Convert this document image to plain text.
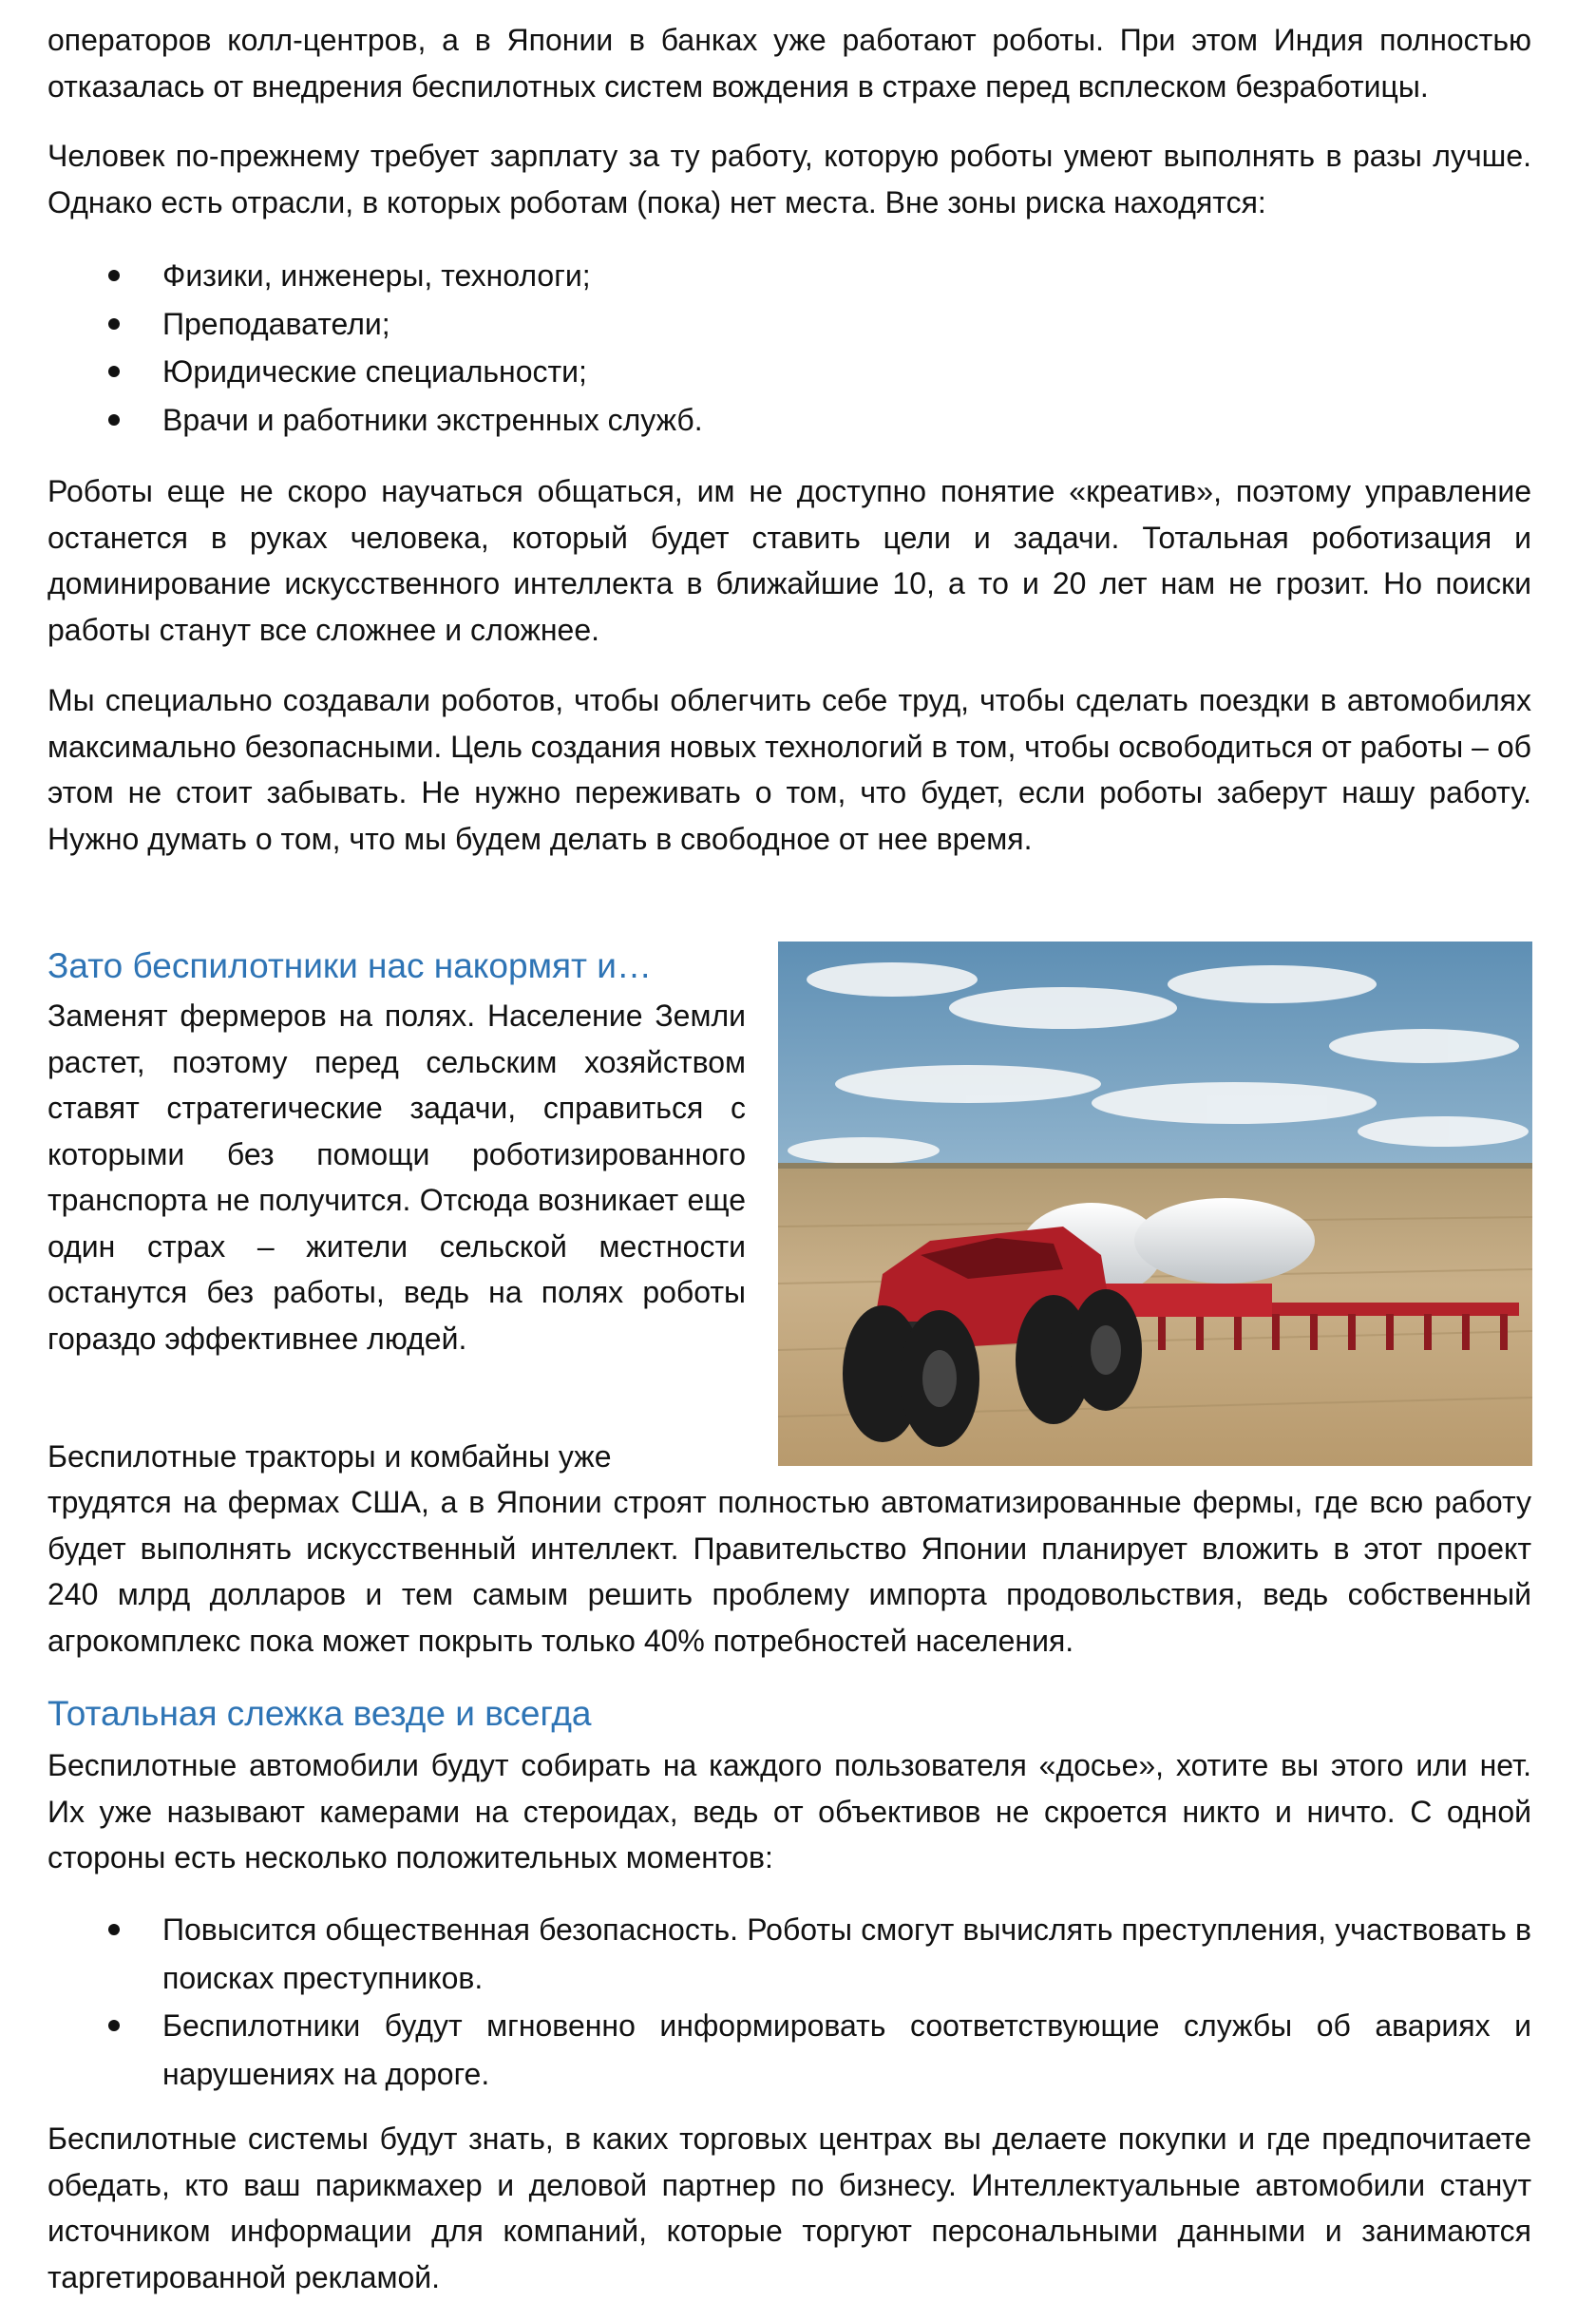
операторов колл-центров, а в Японии в банках уже работают роботы. При этом Индия полностью отказалась от внедрения беспилотных систем вождения в страхе перед всплеском безработицы.

Человек по-прежнему требует зарплату за ту работу, которую роботы умеют выполнять в разы лучше. Однако есть отрасли, в которых роботам (пока) нет места. Вне зоны риска находятся:

Физики, инженеры, технологи;
Преподаватели;
Юридические специальности;
Врачи и работники экстренных служб.

Роботы еще не скоро научаться общаться, им не доступно понятие «креатив», поэтому управление останется в руках человека, который будет ставить цели и задачи. Тотальная роботизация и доминирование искусственного интеллекта в ближайшие 10, а то и 20 лет нам не грозит. Но поиски работы станут все сложнее и сложнее.

Мы специально создавали роботов, чтобы облегчить себе труд, чтобы сделать поездки в автомобилях максимально безопасными. Цель создания новых технологий в том, чтобы освободиться от работы – об этом не стоит забывать. Не нужно переживать о том, что будет, если роботы заберут нашу работу. Нужно думать о том, что мы будем делать в свободное от нее время.

Зато беспилотники нас накормят и…

Заменят фермеров на полях. Население Земли растет, поэтому перед сельским хозяйством ставят стратегические задачи, справиться с которыми без помощи роботизированного транспорта не получится. Отсюда возникает еще один страх – жители сельской местности останутся без работы, ведь на полях роботы гораздо эффективнее людей.

Беспилотные тракторы и комбайны уже

трудятся на фермах США, а в Японии строят полностью автоматизированные фермы, где всю работу будет выполнять искусственный интеллект. Правительство Японии планирует вложить в этот проект 240 млрд долларов и тем самым решить проблему импорта продовольствия, ведь собственный агрокомплекс пока может покрыть только 40% потребностей населения.

Тотальная слежка везде и всегда

Беспилотные автомобили будут собирать на каждого пользователя «досье», хотите вы этого или нет. Их уже называют камерами на стероидах, ведь от объективов не скроется никто и ничто. С одной стороны есть несколько положительных моментов:

Повысится общественная безопасность. Роботы смогут вычислять преступления, участвовать в поисках преступников.
Беспилотники будут мгновенно информировать соответствующие службы об авариях и нарушениях на дороге.

Беспилотные системы будут знать, в каких торговых центрах вы делаете покупки и где предпочитаете обедать, кто ваш парикмахер и деловой партнер по бизнесу. Интеллектуальные автомобили станут источником информации для компаний, которые торгуют персональными данными и занимаются таргетированной рекламой.
